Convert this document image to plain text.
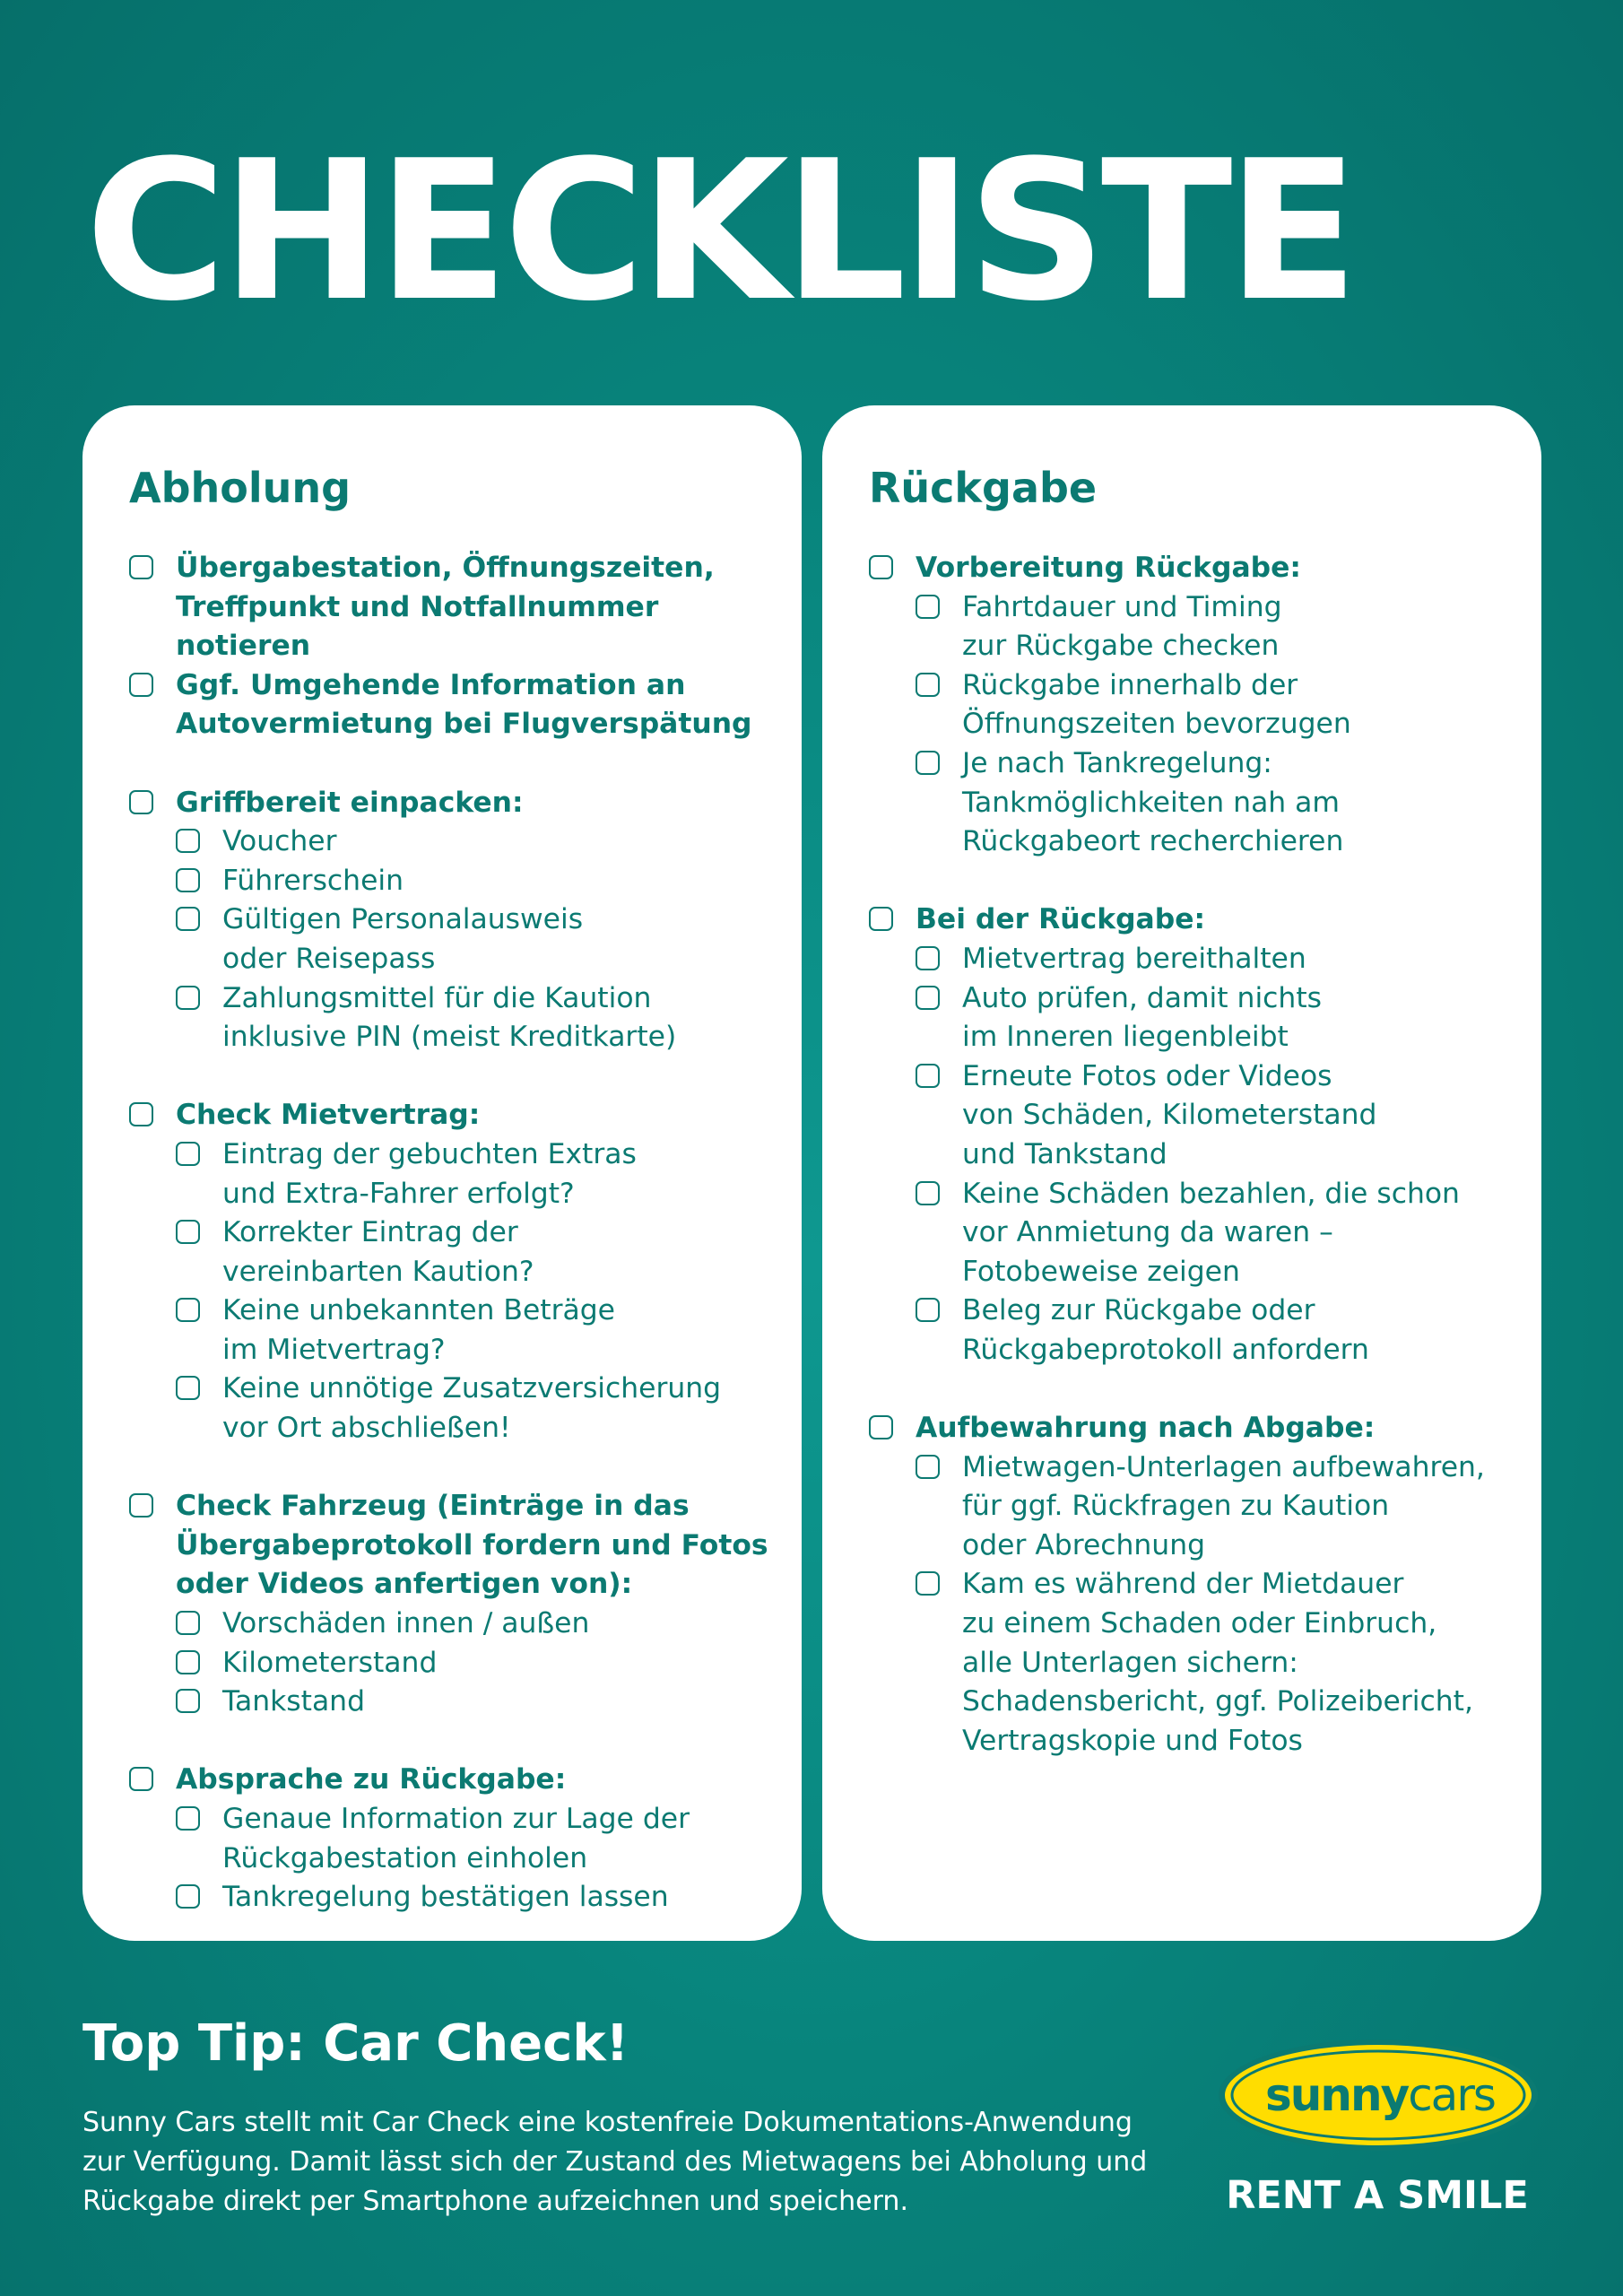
CHECKLISTE
Abholung
Übergabestation, Öffnungszeiten,
Treffpunkt und Notfallnummer notieren
Ggf. Umgehende Information an
Autovermietung bei Flugverspätung
Griffbereit einpacken:
Voucher
Führerschein
Gültigen Personalausweis
oder Reisepass
Zahlungsmittel für die Kaution
inklusive PIN (meist Kreditkarte)
Check Mietvertrag:
Eintrag der gebuchten Extras
und Extra-Fahrer erfolgt?
Korrekter Eintrag der
vereinbarten Kaution?
Keine unbekannten Beträge
im Mietvertrag?
Keine unnötige Zusatzversicherung
vor Ort abschließen!
Check Fahrzeug (Einträge in das
Übergabeprotokoll fordern und Fotos
oder Videos anfertigen von):
Vorschäden innen / außen
Kilometerstand
Tankstand
Absprache zu Rückgabe:
Genaue Information zur Lage der
Rückgabestation einholen
Tankregelung bestätigen lassen
Rückgabe
Vorbereitung Rückgabe:
Fahrtdauer und Timing
zur Rückgabe checken
Rückgabe innerhalb der
Öffnungszeiten bevorzugen
Je nach Tankregelung:
Tankmöglichkeiten nah am
Rückgabeort recherchieren
Bei der Rückgabe:
Mietvertrag bereithalten
Auto prüfen, damit nichts
im Inneren liegenbleibt
Erneute Fotos oder Videos
von Schäden, Kilometerstand
und Tankstand
Keine Schäden bezahlen, die schon
vor Anmietung da waren –
Fotobeweise zeigen
Beleg zur Rückgabe oder
Rückgabeprotokoll anfordern
Aufbewahrung nach Abgabe:
Mietwagen-Unterlagen aufbewahren,
für ggf. Rückfragen zu Kaution
oder Abrechnung
Kam es während der Mietdauer
zu einem Schaden oder Einbruch,
alle Unterlagen sichern:
Schadensbericht, ggf. Polizeibericht,
Vertragskopie und Fotos
Top Tip: Car Check!
Sunny Cars stellt mit Car Check eine kostenfreie Dokumentations-Anwendung
zur Verfügung. Damit lässt sich der Zustand des Mietwagens bei Abholung und
Rückgabe direkt per Smartphone aufzeichnen und speichern.
sunnycars
RENT A SMILE
